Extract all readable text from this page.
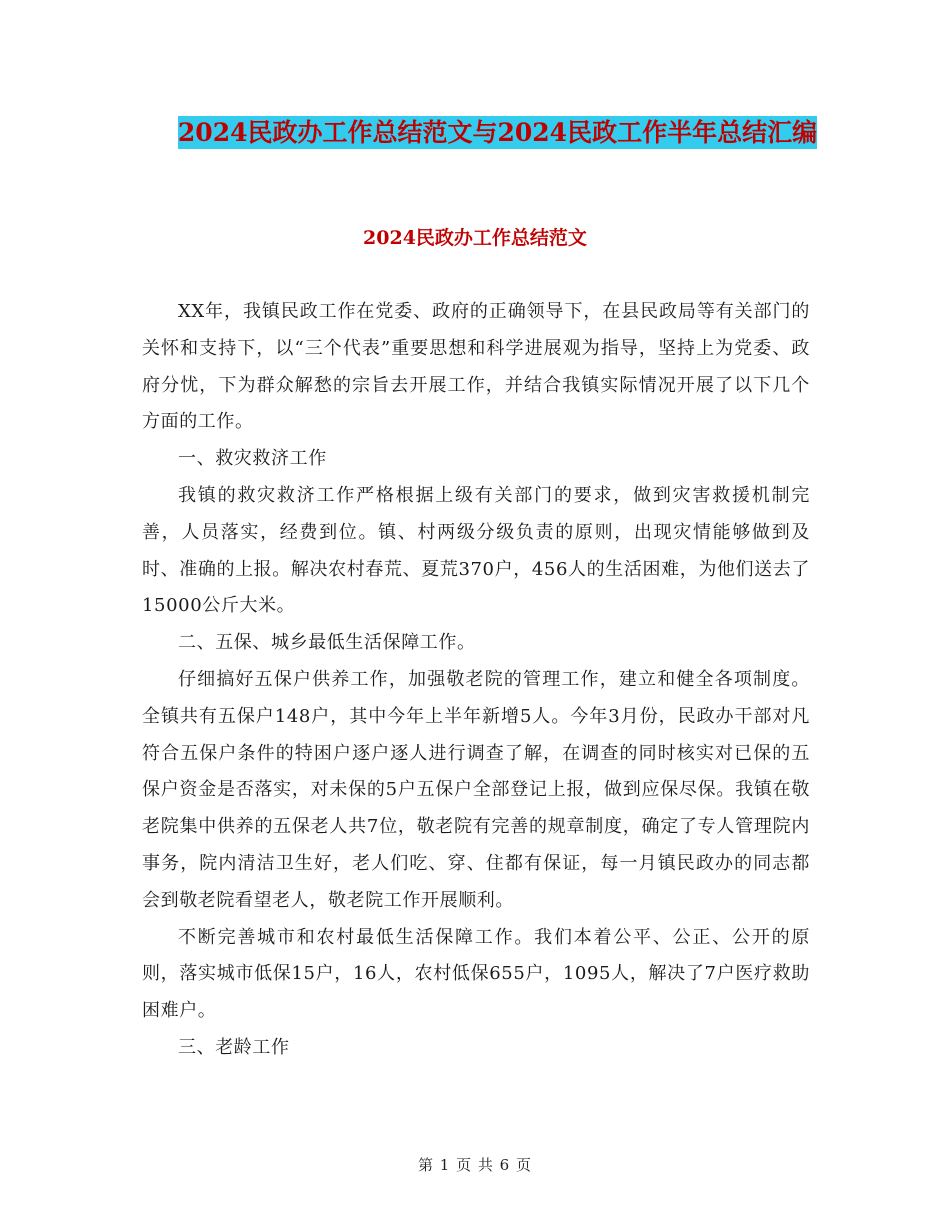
2024民政办工作总结范文与2024民政工作半年总结汇编
2024民政办工作总结范文

XX年，我镇民政工作在党委、政府的正确领导下，在县民政局等有关部门的关怀和支持下，以“三个代表”重要思想和科学进展观为指导，坚持上为党委、政府分忧，下为群众解愁的宗旨去开展工作，并结合我镇实际情况开展了以下几个方面的工作。

一、救灾救济工作

我镇的救灾救济工作严格根据上级有关部门的要求，做到灾害救援机制完善，人员落实，经费到位。镇、村两级分级负责的原则，出现灾情能够做到及时、准确的上报。解决农村春荒、夏荒370户，456人的生活困难，为他们送去了15000公斤大米。

二、五保、城乡最低生活保障工作。

仔细搞好五保户供养工作，加强敬老院的管理工作，建立和健全各项制度。全镇共有五保户148户，其中今年上半年新增5人。今年3月份，民政办干部对凡符合五保户条件的特困户逐户逐人进行调查了解，在调查的同时核实对已保的五保户资金是否落实，对未保的5户五保户全部登记上报，做到应保尽保。我镇在敬老院集中供养的五保老人共7位，敬老院有完善的规章制度，确定了专人管理院内事务，院内清洁卫生好，老人们吃、穿、住都有保证，每一月镇民政办的同志都会到敬老院看望老人，敬老院工作开展顺利。

不断完善城市和农村最低生活保障工作。我们本着公平、公正、公开的原则，落实城市低保15户，16人，农村低保655户，1095人，解决了7户医疗救助困难户。

三、老龄工作

第 1 页 共 6 页
